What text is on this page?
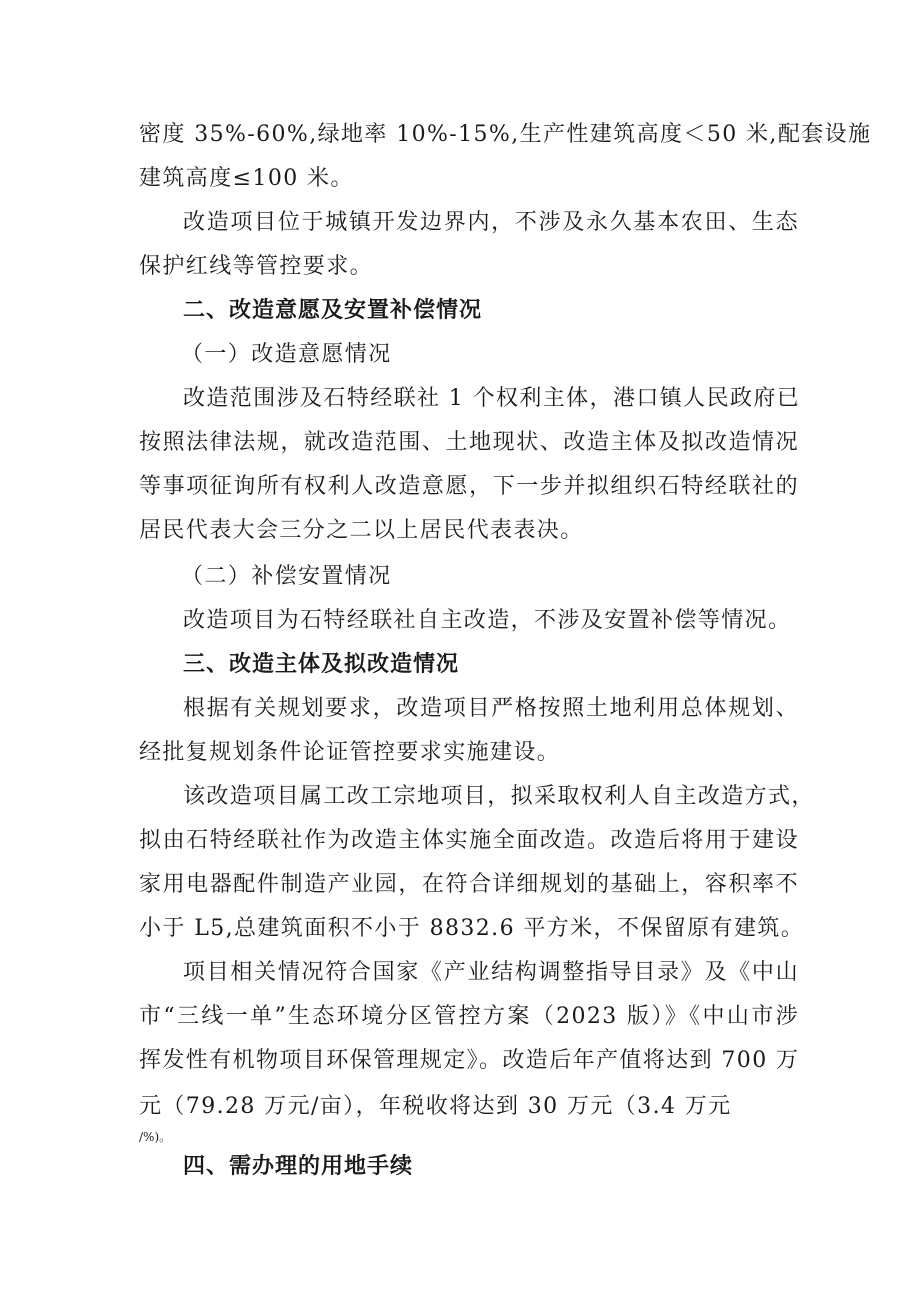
密度 35%-60%,绿地率 10%-15%,生产性建筑高度＜50 米,配套设施
建筑高度≤100 米。
改造项目位于城镇开发边界内，不涉及永久基本农田、生态
保护红线等管控要求。
二、改造意愿及安置补偿情况
（一）改造意愿情况
改造范围涉及石特经联社 1 个权利主体，港口镇人民政府已
按照法律法规，就改造范围、土地现状、改造主体及拟改造情况
等事项征询所有权利人改造意愿，下一步并拟组织石特经联社的
居民代表大会三分之二以上居民代表表决。
（二）补偿安置情况
改造项目为石特经联社自主改造，不涉及安置补偿等情况。
三、改造主体及拟改造情况
根据有关规划要求，改造项目严格按照土地利用总体规划、
经批复规划条件论证管控要求实施建设。
该改造项目属工改工宗地项目，拟采取权利人自主改造方式，
拟由石特经联社作为改造主体实施全面改造。改造后将用于建设
家用电器配件制造产业园，在符合详细规划的基础上，容积率不
小于 L5,总建筑面积不小于 8832.6 平方米，不保留原有建筑。
项目相关情况符合国家《产业结构调整指导目录》及《中山
市“三线一单”生态环境分区管控方案（2023 版）》《中山市涉
挥发性有机物项目环保管理规定》。改造后年产值将达到 700 万
元（79.28 万元/亩），年税收将达到 30 万元（3.4 万元
/%)。
四、需办理的用地手续
